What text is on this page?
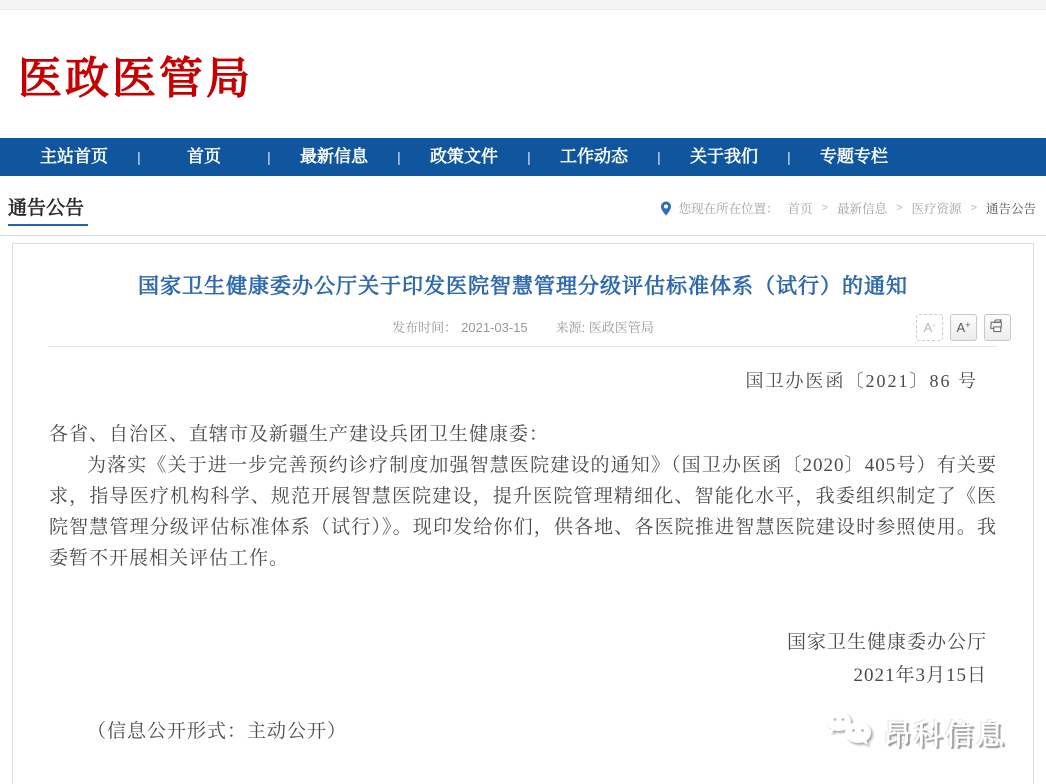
医政医管局
主站首页	|	首页	|	最新信息	|	政策文件	|	工作动态	|	关于我们	|	专题专栏
通告公告	您现在所在位置： 首页 > 最新信息 > 医疗资源 > 通告公告
国家卫生健康委办公厅关于印发医院智慧管理分级评估标准体系（试行）的通知
发布时间： 2021-03-15 来源: 医政医管局	A- A+
国卫办医函〔2021〕86 号

各省、自治区、直辖市及新疆生产建设兵团卫生健康委：

为落实《关于进一步完善预约诊疗制度加强智慧医院建设的通知》（国卫办医函〔2020〕405号）有关要求，指导医疗机构科学、规范开展智慧医院建设，提升医院管理精细化、智能化水平，我委组织制定了《医院智慧管理分级评估标准体系（试行）》。现印发给你们，供各地、各医院推进智慧医院建设时参照使用。我委暂不开展相关评估工作。

国家卫生健康委办公厅
2021年3月15日
（信息公开形式：主动公开）	昂科信息
